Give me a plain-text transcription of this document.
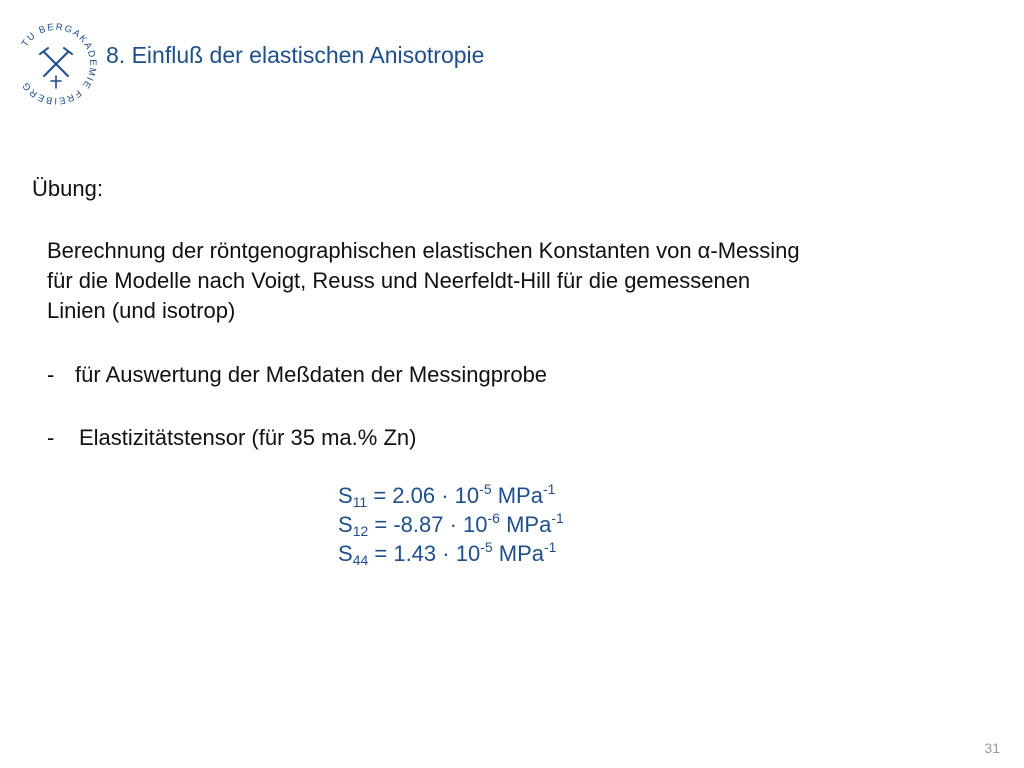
TU BERGAKADEMIE FREIBERG
8. Einfluß der elastischen Anisotropie
Übung:
Berechnung der röntgenographischen elastischen Konstanten von α-Messing
für die Modelle nach Voigt, Reuss und Neerfeldt-Hill für die gemessenen
Linien (und isotrop)
- für Auswertung der Meßdaten der Messingprobe
- Elastizitätstensor (für 35 ma.% Zn)
$S_{11} = 2.06 \cdot 10^{-5}$ MPa$^{-1}$
$S_{12} = -8.87 \cdot 10^{-6}$ MPa$^{-1}$
$S_{44} = 1.43 \cdot 10^{-5}$ MPa$^{-1}$
31
